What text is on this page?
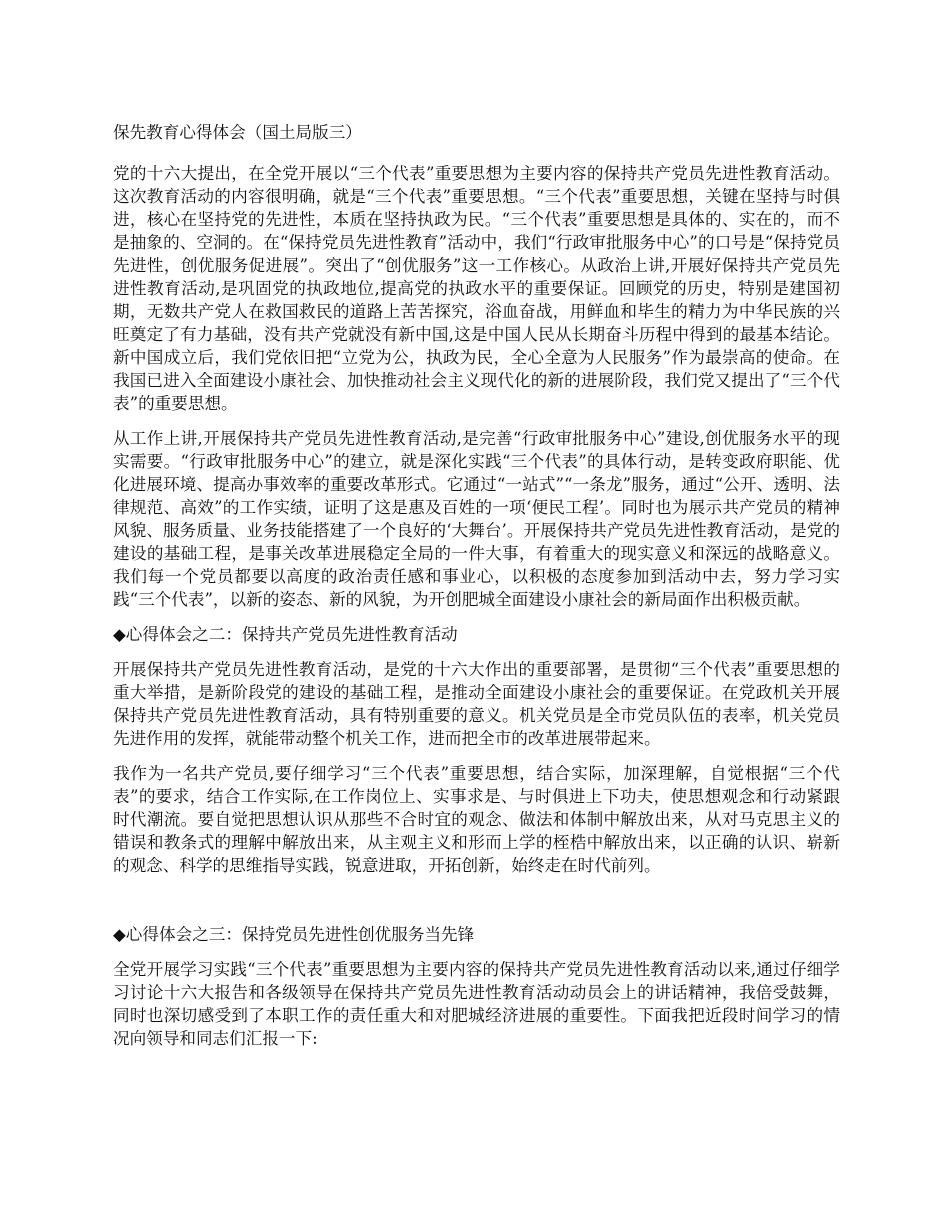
保先教育心得体会（国土局版三）

党的十六大提出，在全党开展以“三个代表”重要思想为主要内容的保持共产党员先进性教育活动。这次教育活动的内容很明确，就是“三个代表”重要思想。“三个代表”重要思想，关键在坚持与时俱进，核心在坚持党的先进性，本质在坚持执政为民。“三个代表”重要思想是具体的、实在的，而不是抽象的、空洞的。在“保持党员先进性教育”活动中，我们“行政审批服务中心”的口号是“保持党员先进性，创优服务促进展”。突出了“创优服务”这一工作核心。从政治上讲,开展好保持共产党员先进性教育活动,是巩固党的执政地位,提高党的执政水平的重要保证。回顾党的历史，特别是建国初期，无数共产党人在救国救民的道路上苦苦探究，浴血奋战，用鲜血和毕生的精力为中华民族的兴旺奠定了有力基础，没有共产党就没有新中国,这是中国人民从长期奋斗历程中得到的最基本结论。新中国成立后，我们党依旧把“立党为公，执政为民，全心全意为人民服务”作为最崇高的使命。在我国已进入全面建设小康社会、加快推动社会主义现代化的新的进展阶段，我们党又提出了“三个代表”的重要思想。

从工作上讲,开展保持共产党员先进性教育活动,是完善“行政审批服务中心”建设,创优服务水平的现实需要。“行政审批服务中心”的建立，就是深化实践“三个代表”的具体行动，是转变政府职能、优化进展环境、提高办事效率的重要改革形式。它通过“一站式”“一条龙”服务，通过“公开、透明、法律规范、高效”的工作实绩，证明了这是惠及百姓的一项‘便民工程’。同时也为展示共产党员的精神风貌、服务质量、业务技能搭建了一个良好的‘大舞台’。开展保持共产党员先进性教育活动，是党的建设的基础工程，是事关改革进展稳定全局的一件大事，有着重大的现实意义和深远的战略意义。我们每一个党员都要以高度的政治责任感和事业心，以积极的态度参加到活动中去，努力学习实践“三个代表”，以新的姿态、新的风貌，为开创肥城全面建设小康社会的新局面作出积极贡献。

◆心得体会之二：保持共产党员先进性教育活动

开展保持共产党员先进性教育活动，是党的十六大作出的重要部署，是贯彻“三个代表”重要思想的重大举措，是新阶段党的建设的基础工程，是推动全面建设小康社会的重要保证。在党政机关开展保持共产党员先进性教育活动，具有特别重要的意义。机关党员是全市党员队伍的表率，机关党员先进作用的发挥，就能带动整个机关工作，进而把全市的改革进展带起来。

我作为一名共产党员,要仔细学习“三个代表”重要思想，结合实际，加深理解，自觉根据“三个代表”的要求，结合工作实际,在工作岗位上、实事求是、与时俱进上下功夫，使思想观念和行动紧跟时代潮流。要自觉把思想认识从那些不合时宜的观念、做法和体制中解放出来，从对马克思主义的错误和教条式的理解中解放出来，从主观主义和形而上学的桎梏中解放出来，以正确的认识、崭新的观念、科学的思维指导实践，锐意进取，开拓创新，始终走在时代前列。

◆心得体会之三：保持党员先进性创优服务当先锋

全党开展学习实践“三个代表”重要思想为主要内容的保持共产党员先进性教育活动以来,通过仔细学习讨论十六大报告和各级领导在保持共产党员先进性教育活动动员会上的讲话精神，我倍受鼓舞，同时也深切感受到了本职工作的责任重大和对肥城经济进展的重要性。下面我把近段时间学习的情况向领导和同志们汇报一下:
